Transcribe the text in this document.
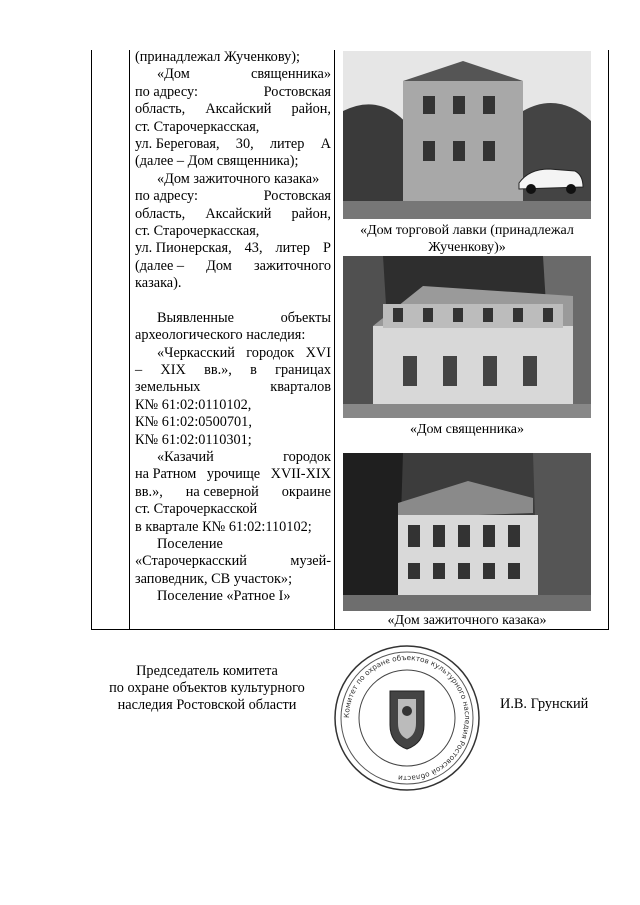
(принадлежал Жученкову);
«Дом	священника»
по адресу:	Ростовская
область, Аксайский район,
ст. Старочеркасская,
ул. Береговая, 30, литер А
(далее – Дом священника);
«Дом зажиточного казака»
по адресу:	Ростовская
область, Аксайский район,
ст. Старочеркасская,
ул. Пионерская, 43, литер Р
(далее – Дом зажиточного
казака).
Выявленные	объекты
археологического наследия:
«Черкасский городок XVI
– XIX вв.», в границах
земельных	кварталов
К№ 61:02:0110102,
К№ 61:02:0500701,
К№ 61:02:0110301;
«Казачий	городок
на Ратном урочище XVII-XIX
вв.», на северной окраине
ст. Старочеркасской
в квартале К№ 61:02:110102;
Поселение
«Старочеркасский	музей-
заповедник, СВ участок»;
Поселение «Ратное I»
«Дом торговой лавки (принадлежал
Жученкову)»
«Дом священника»
«Дом зажиточного казака»
Председатель комитета
по охране объектов культурного
наследия Ростовской области
Комитет по охране объектов культурного наследия Ростовской области
И.В. Грунский
